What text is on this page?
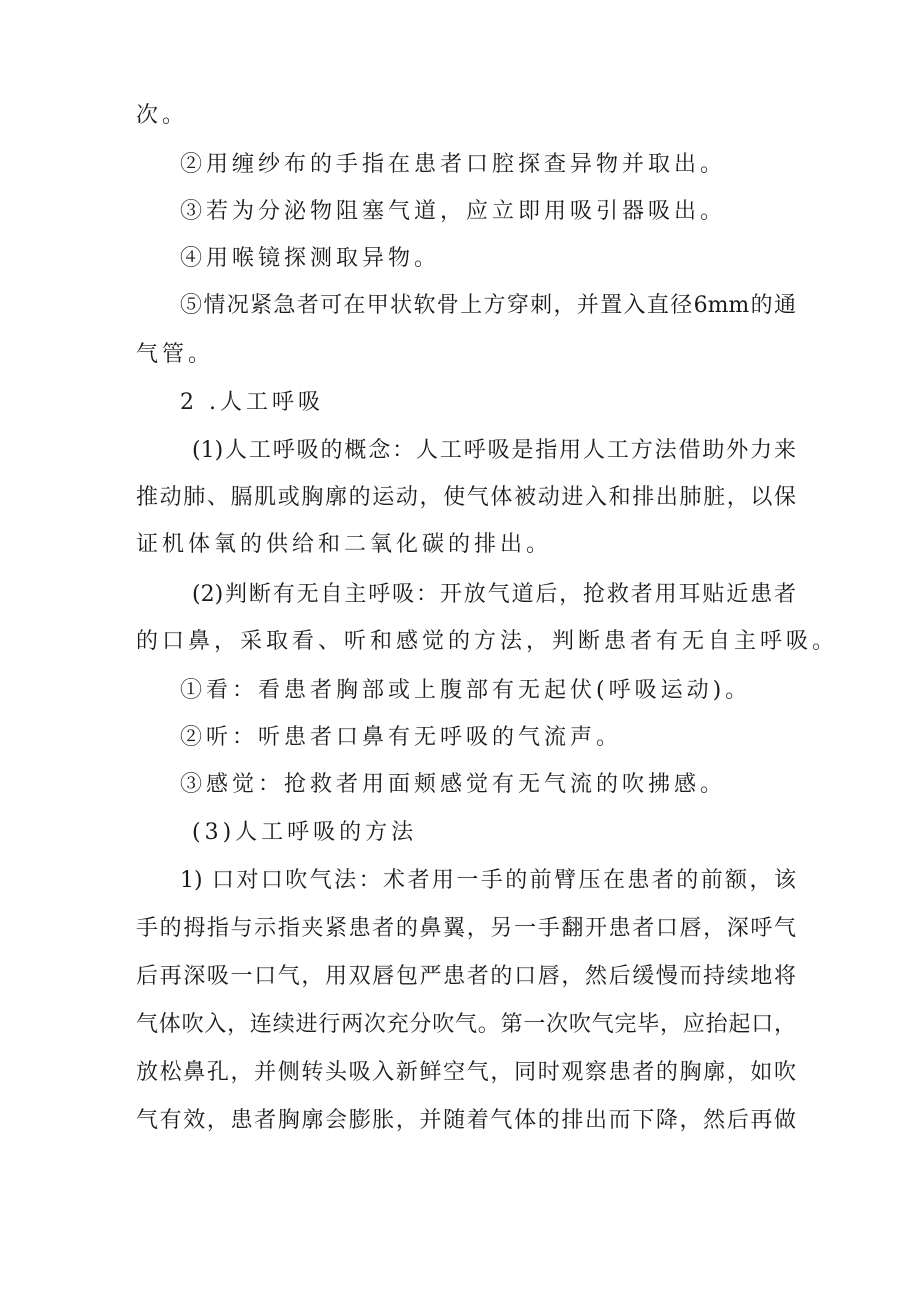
次。
②用缠纱布的手指在患者口腔探查异物并取出。
③若为分泌物阻塞气道，应立即用吸引器吸出。
④用喉镜探测取异物。
⑤情况紧急者可在甲状软骨上方穿刺，并置入直径6mm的通
气管。
2 .人工呼吸
(1)人工呼吸的概念：人工呼吸是指用人工方法借助外力来
推动肺、膈肌或胸廓的运动，使气体被动进入和排出肺脏，以保
证机体氧的供给和二氧化碳的排出。
(2)判断有无自主呼吸：开放气道后，抢救者用耳贴近患者
的口鼻，采取看、听和感觉的方法，判断患者有无自主呼吸。
①看：看患者胸部或上腹部有无起伏(呼吸运动)。
②听：听患者口鼻有无呼吸的气流声。
③感觉：抢救者用面颊感觉有无气流的吹拂感。
(3)人工呼吸的方法
1) 口对口吹气法：术者用一手的前臂压在患者的前额，该
手的拇指与示指夹紧患者的鼻翼，另一手翻开患者口唇，深呼气
后再深吸一口气，用双唇包严患者的口唇，然后缓慢而持续地将
气体吹入，连续进行两次充分吹气。第一次吹气完毕，应抬起口，
放松鼻孔，并侧转头吸入新鲜空气，同时观察患者的胸廓，如吹
气有效，患者胸廓会膨胀，并随着气体的排出而下降，然后再做
